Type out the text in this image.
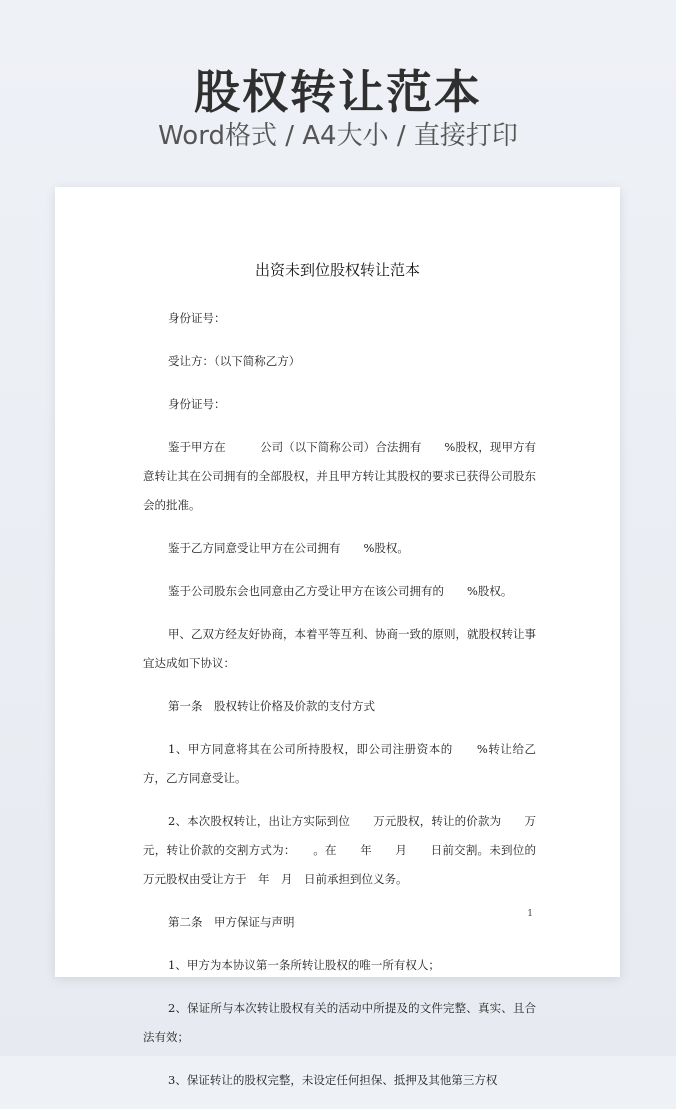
股权转让范本
Word格式 / A4大小 / 直接打印
出资未到位股权转让范本

身份证号：

受让方：（以下简称乙方）

身份证号：

鉴于甲方在　　　公司（以下简称公司）合法拥有　　%股权，现甲方有意转让其在公司拥有的全部股权，并且甲方转让其股权的要求已获得公司股东会的批准。

鉴于乙方同意受让甲方在公司拥有　　%股权。

鉴于公司股东会也同意由乙方受让甲方在该公司拥有的　　%股权。

甲、乙双方经友好协商，本着平等互利、协商一致的原则，就股权转让事宜达成如下协议：

第一条　股权转让价格及价款的支付方式

1、甲方同意将其在公司所持股权，即公司注册资本的　　%转让给乙方，乙方同意受让。

2、本次股权转让，出让方实际到位　　万元股权，转让的价款为　　万元，转让价款的交割方式为：　　。在　　年　　月　　日前交割。未到位的　　万元股权由受让方于　年　月　日前承担到位义务。

第二条　甲方保证与声明

1、甲方为本协议第一条所转让股权的唯一所有权人；

2、保证所与本次转让股权有关的活动中所提及的文件完整、真实、且合法有效；

3、保证转让的股权完整，未设定任何担保、抵押及其他第三方权

1
